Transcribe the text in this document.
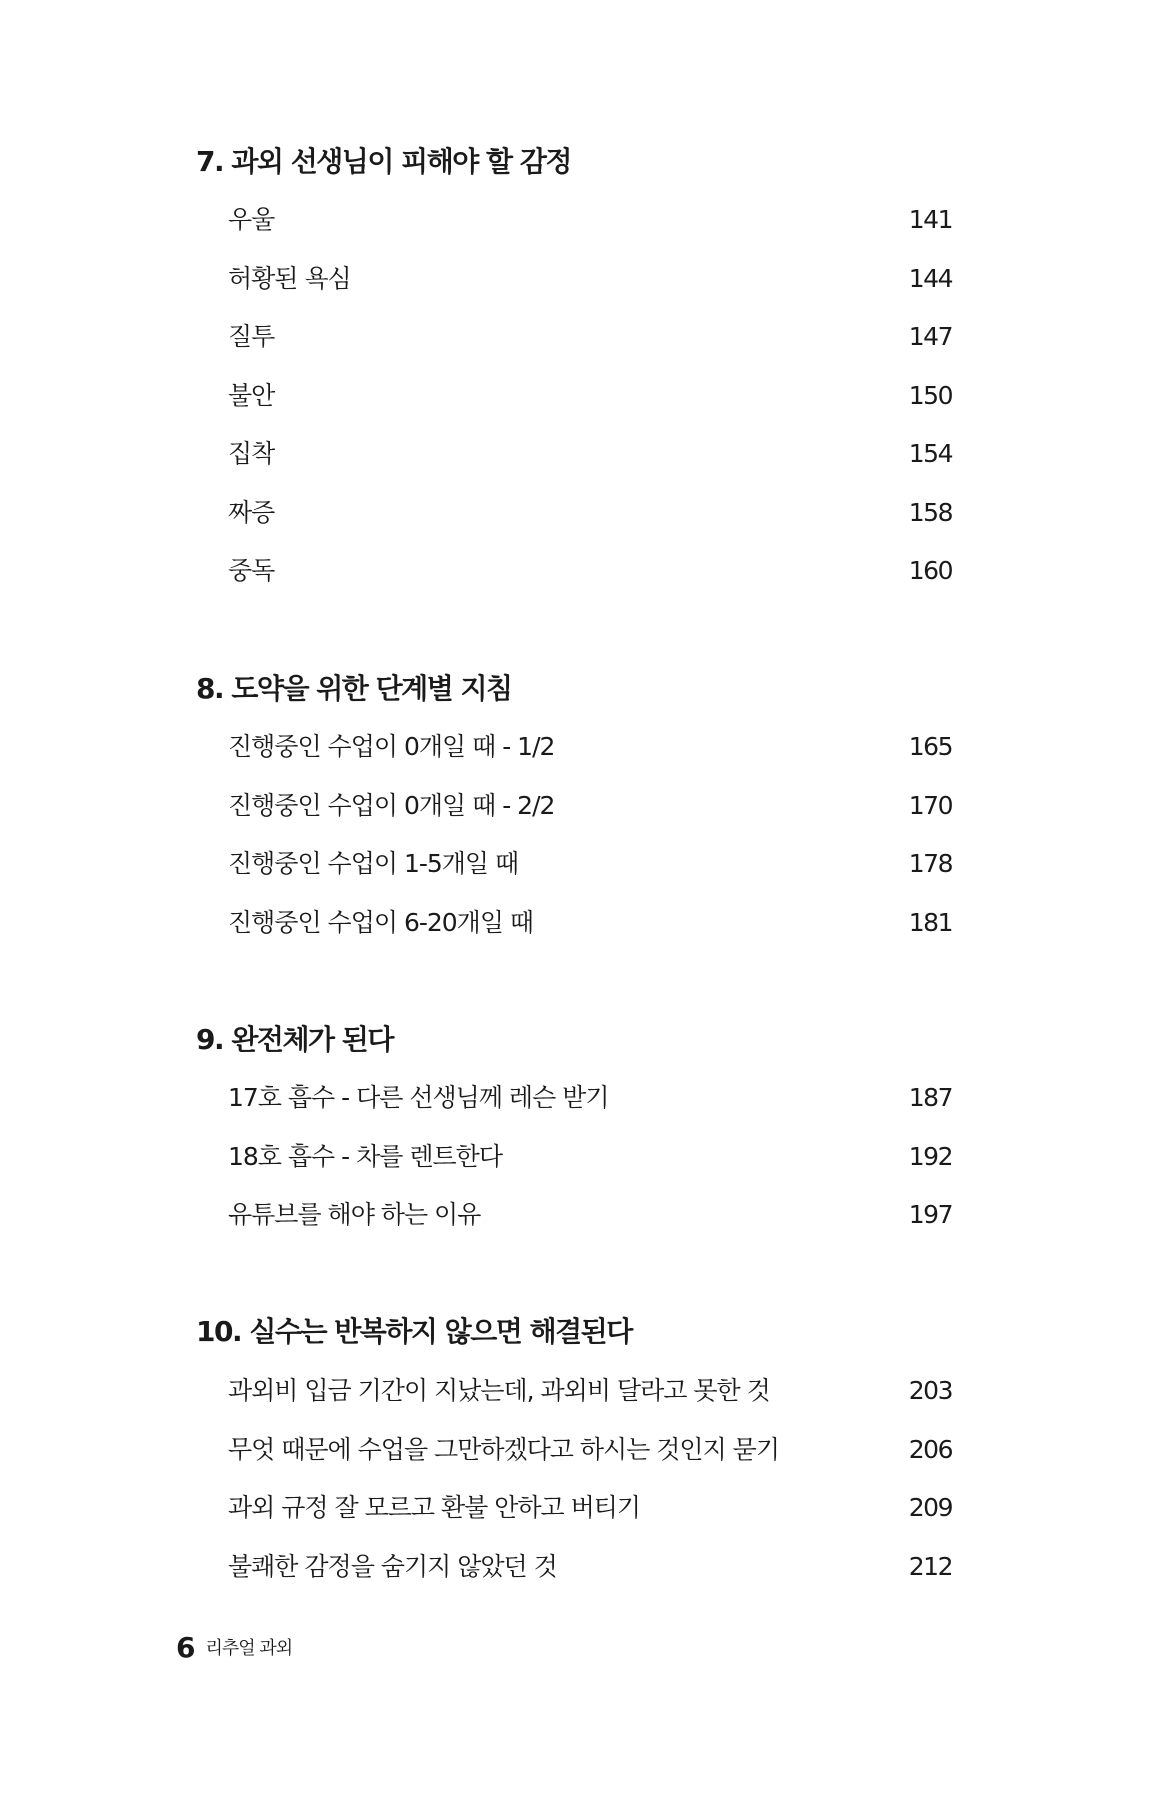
7. 과외 선생님이 피해야 할 감정
우울	141
허황된 욕심	144
질투	147
불안	150
집착	154
짜증	158
중독	160
8. 도약을 위한 단계별 지침
진행중인 수업이 0개일 때 - 1/2	165
진행중인 수업이 0개일 때 - 2/2	170
진행중인 수업이 1-5개일 때	178
진행중인 수업이 6-20개일 때	181
9. 완전체가 된다
17호 흡수 - 다른 선생님께 레슨 받기	187
18호 흡수 - 차를 렌트한다	192
유튜브를 해야 하는 이유	197
10. 실수는 반복하지 않으면 해결된다
과외비 입금 기간이 지났는데, 과외비 달라고 못한 것	203
무엇 때문에 수업을 그만하겠다고 하시는 것인지 묻기	206
과외 규정 잘 모르고 환불 안하고 버티기	209
불쾌한 감정을 숨기지 않았던 것	212
6 리추얼 과외
